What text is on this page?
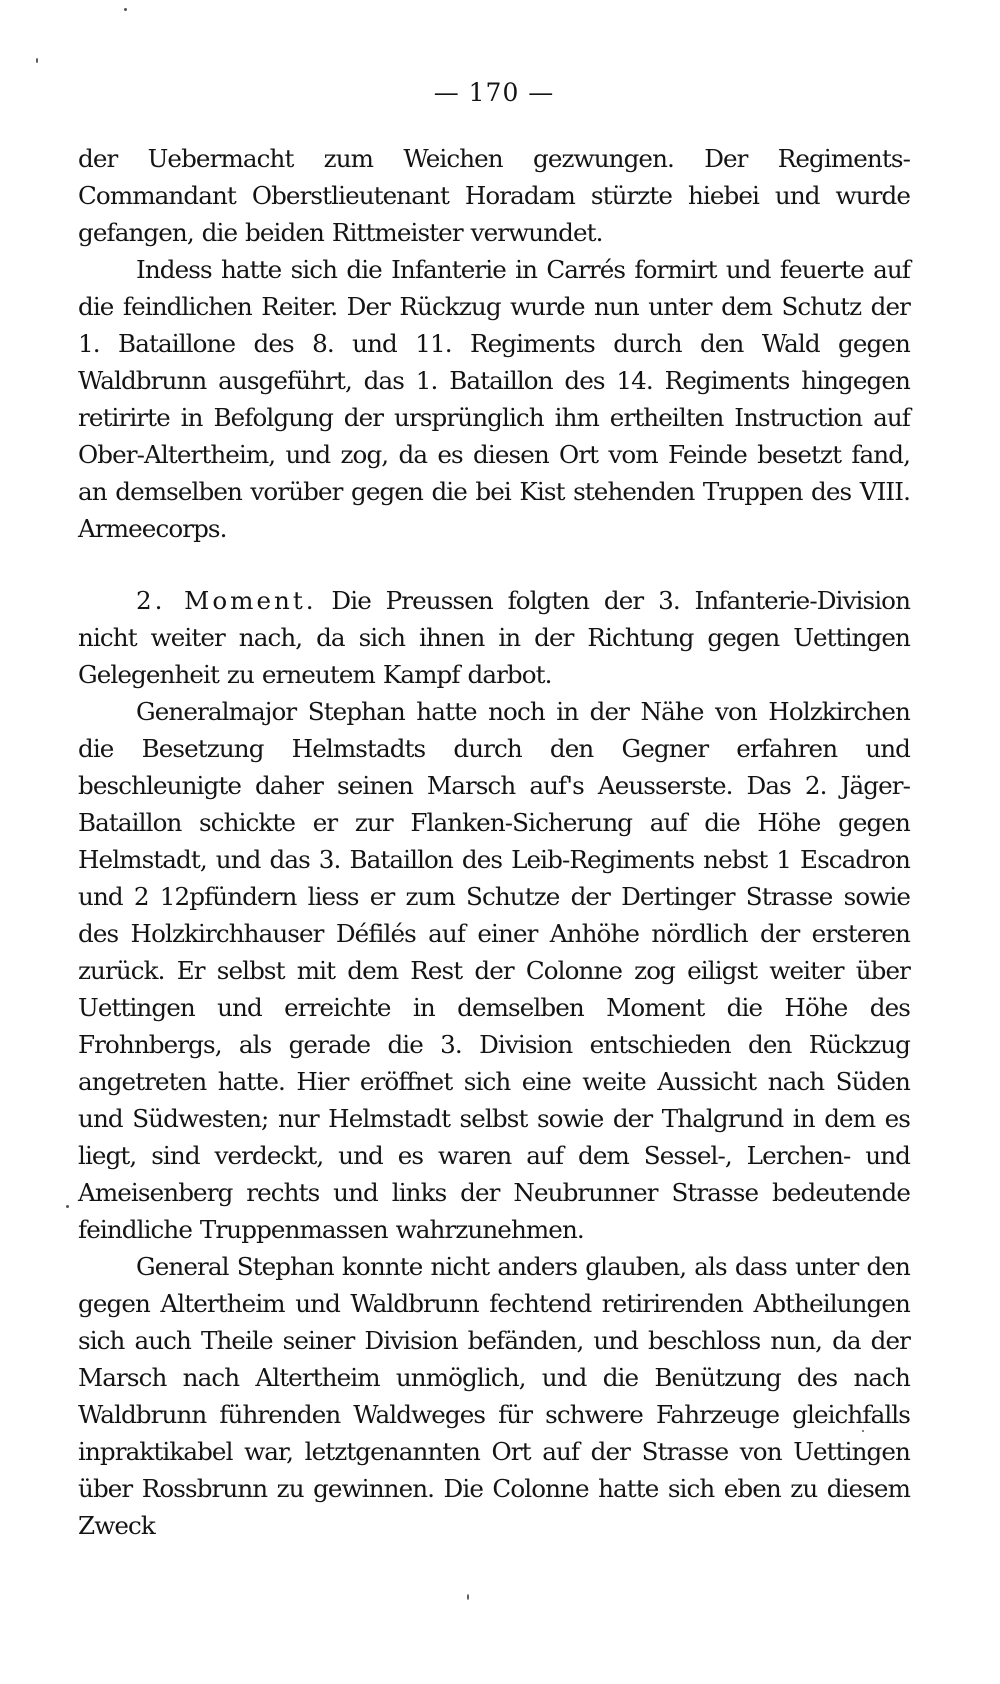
— 170 —

der Uebermacht zum Weichen gezwungen. Der Regiments-Commandant Oberstlieutenant Horadam stürzte hiebei und wurde gefangen, die beiden Rittmeister verwundet.

Indess hatte sich die Infanterie in Carrés formirt und feuerte auf die feindlichen Reiter. Der Rückzug wurde nun unter dem Schutz der 1. Bataillone des 8. und 11. Regiments durch den Wald gegen Waldbrunn ausgeführt, das 1. Bataillon des 14. Regiments hingegen retirirte in Befolgung der ursprünglich ihm ertheilten Instruction auf Ober-Altertheim, und zog, da es diesen Ort vom Feinde besetzt fand, an demselben vorüber gegen die bei Kist stehenden Truppen des VIII. Armeecorps.

2. Moment. Die Preussen folgten der 3. Infanterie-Division nicht weiter nach, da sich ihnen in der Richtung gegen Uettingen Gelegenheit zu erneutem Kampf darbot.

Generalmajor Stephan hatte noch in der Nähe von Holzkirchen die Besetzung Helmstadts durch den Gegner erfahren und beschleunigte daher seinen Marsch auf's Aeusserste. Das 2. Jäger-Bataillon schickte er zur Flanken-Sicherung auf die Höhe gegen Helmstadt, und das 3. Bataillon des Leib-Regiments nebst 1 Escadron und 2 12pfündern liess er zum Schutze der Dertinger Strasse sowie des Holzkirchhauser Défilés auf einer Anhöhe nördlich der ersteren zurück. Er selbst mit dem Rest der Colonne zog eiligst weiter über Uettingen und erreichte in demselben Moment die Höhe des Frohnbergs, als gerade die 3. Division entschieden den Rückzug angetreten hatte. Hier eröffnet sich eine weite Aussicht nach Süden und Südwesten; nur Helmstadt selbst sowie der Thalgrund in dem es liegt, sind verdeckt, und es waren auf dem Sessel-, Lerchen- und Ameisenberg rechts und links der Neubrunner Strasse bedeutende feindliche Truppenmassen wahrzunehmen.

General Stephan konnte nicht anders glauben, als dass unter den gegen Altertheim und Waldbrunn fechtend retirirenden Abtheilungen sich auch Theile seiner Division befänden, und beschloss nun, da der Marsch nach Altertheim unmöglich, und die Benützung des nach Waldbrunn führenden Waldweges für schwere Fahrzeuge gleichfalls inpraktikabel war, letztgenannten Ort auf der Strasse von Uettingen über Rossbrunn zu gewinnen. Die Colonne hatte sich eben zu diesem Zweck
